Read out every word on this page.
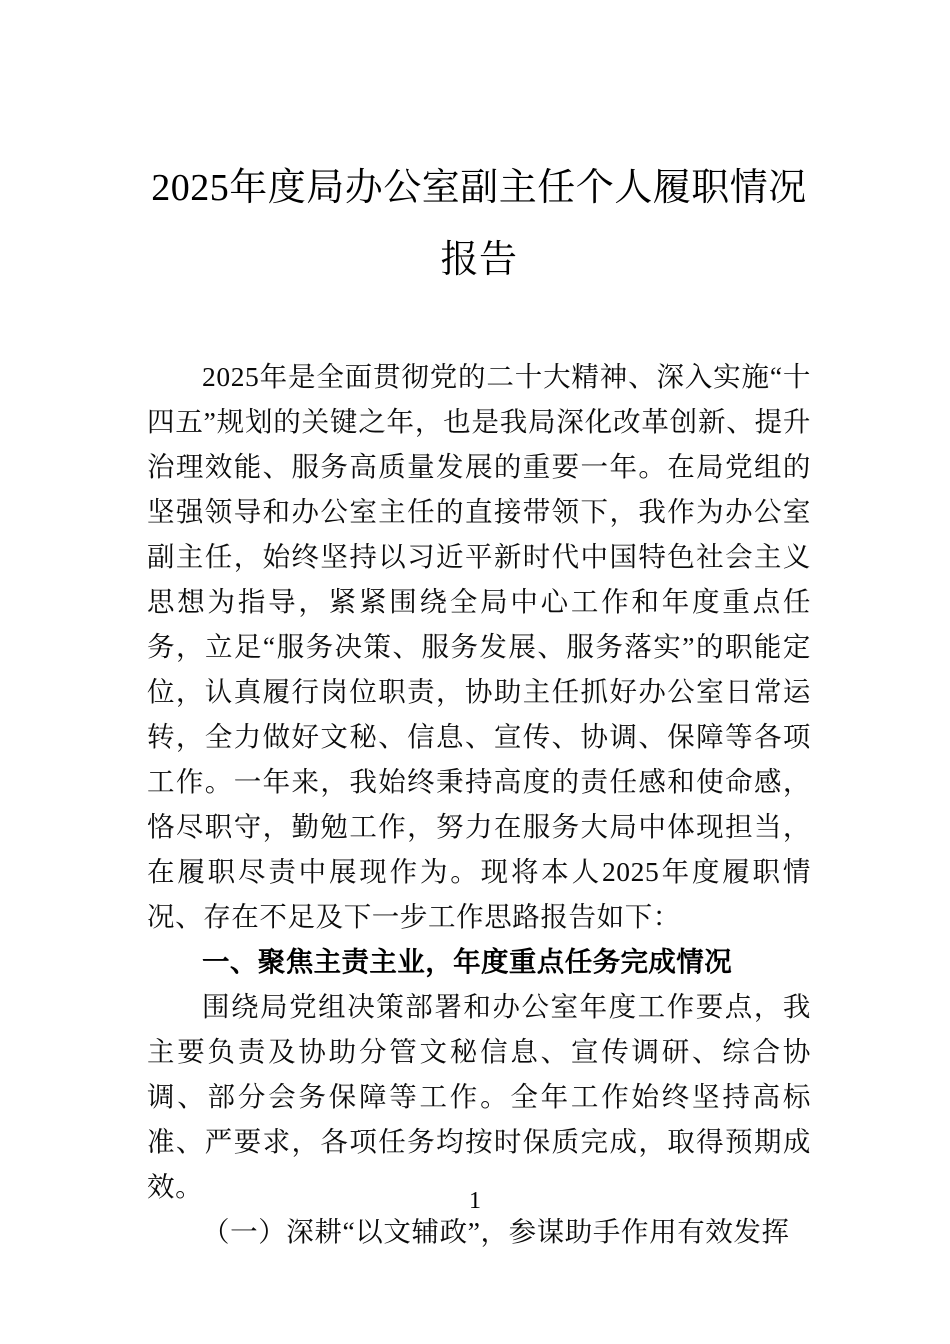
2025年度局办公室副主任个人履职情况报告

2025年是全面贯彻党的二十大精神、深入实施“十四五”规划的关键之年，也是我局深化改革创新、提升治理效能、服务高质量发展的重要一年。在局党组的坚强领导和办公室主任的直接带领下，我作为办公室副主任，始终坚持以习近平新时代中国特色社会主义思想为指导，紧紧围绕全局中心工作和年度重点任务，立足“服务决策、服务发展、服务落实”的职能定位，认真履行岗位职责，协助主任抓好办公室日常运转，全力做好文秘、信息、宣传、协调、保障等各项工作。一年来，我始终秉持高度的责任感和使命感，恪尽职守，勤勉工作，努力在服务大局中体现担当，在履职尽责中展现作为。现将本人2025年度履职情况、存在不足及下一步工作思路报告如下：

一、聚焦主责主业，年度重点任务完成情况

围绕局党组决策部署和办公室年度工作要点，我主要负责及协助分管文秘信息、宣传调研、综合协调、部分会务保障等工作。全年工作始终坚持高标准、严要求，各项任务均按时保质完成，取得预期成效。

（一）深耕“以文辅政”，参谋助手作用有效发挥
1
